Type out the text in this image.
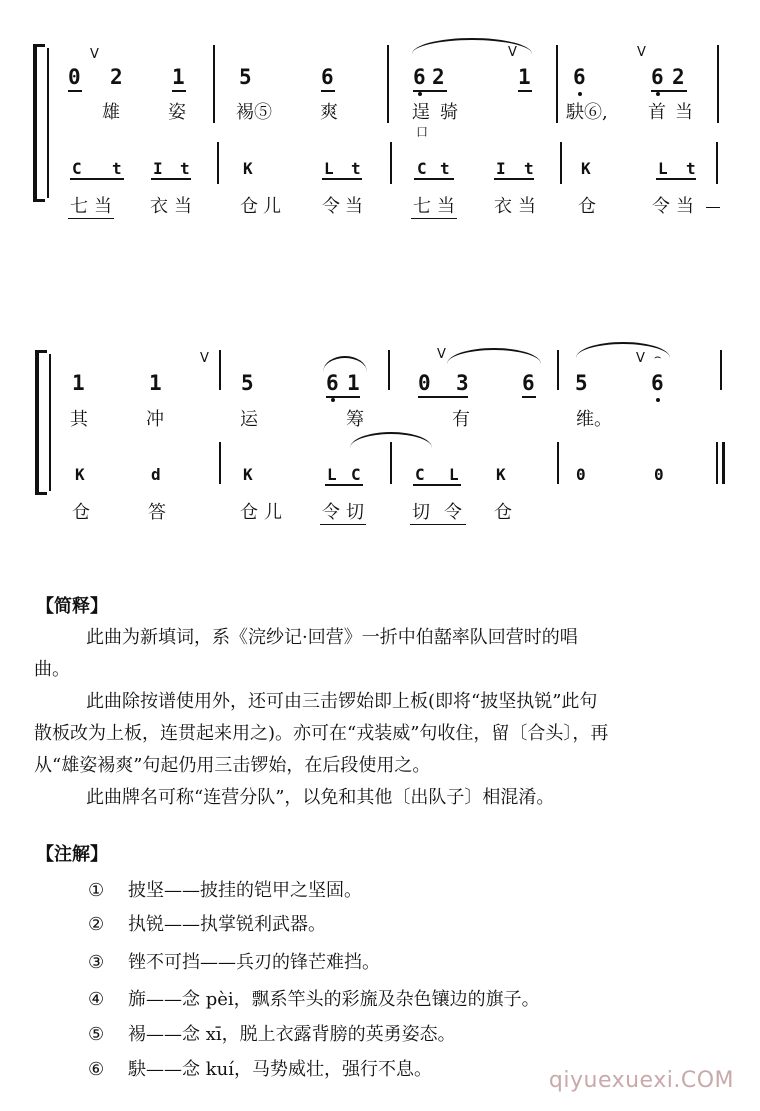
V	V	V
0 2 1	5	6	6 2	1 6	6 2
雄	姿	裼⑤	爽	逞 骑	駃⑥, 首 当
口
C t I t	K	L t	C t	I t	K	L t
七 当 衣 当	仓 儿 令 当	七 当 衣 当 仓	令 当
V	V	V ⌢
1	1	5	6 1	0 3	6 5	6
其	冲	运	筹	有	维。
K	d	K	L C	C L K	0	0
仓	答	仓 儿 令 切	切 令 仓
【简释】
此曲为新填词，系《浣纱记·回营》一折中伯嚭率队回营时的唱
曲。
此曲除按谱使用外，还可由三击锣始即上板(即将“披坚执锐”此句
散板改为上板，连贯起来用之)。亦可在“戎装威”句收住，留〔合头〕，再
从“雄姿裼爽”句起仍用三击锣始，在后段使用之。
此曲牌名可称“连营分队”，以免和其他〔出队子〕相混淆。
【注解】
① 披坚——披挂的铠甲之坚固。
② 执锐——执掌锐利武器。
③ 锉不可挡——兵刃的锋芒难挡。
④ 旆——念 pèi，飘系竿头的彩旒及杂色镶边的旗子。
⑤ 裼——念 xī，脱上衣露背膀的英勇姿态。
⑥ 駃——念 kuí，马势威壮，强行不息。	qiyuexuexi.COM
